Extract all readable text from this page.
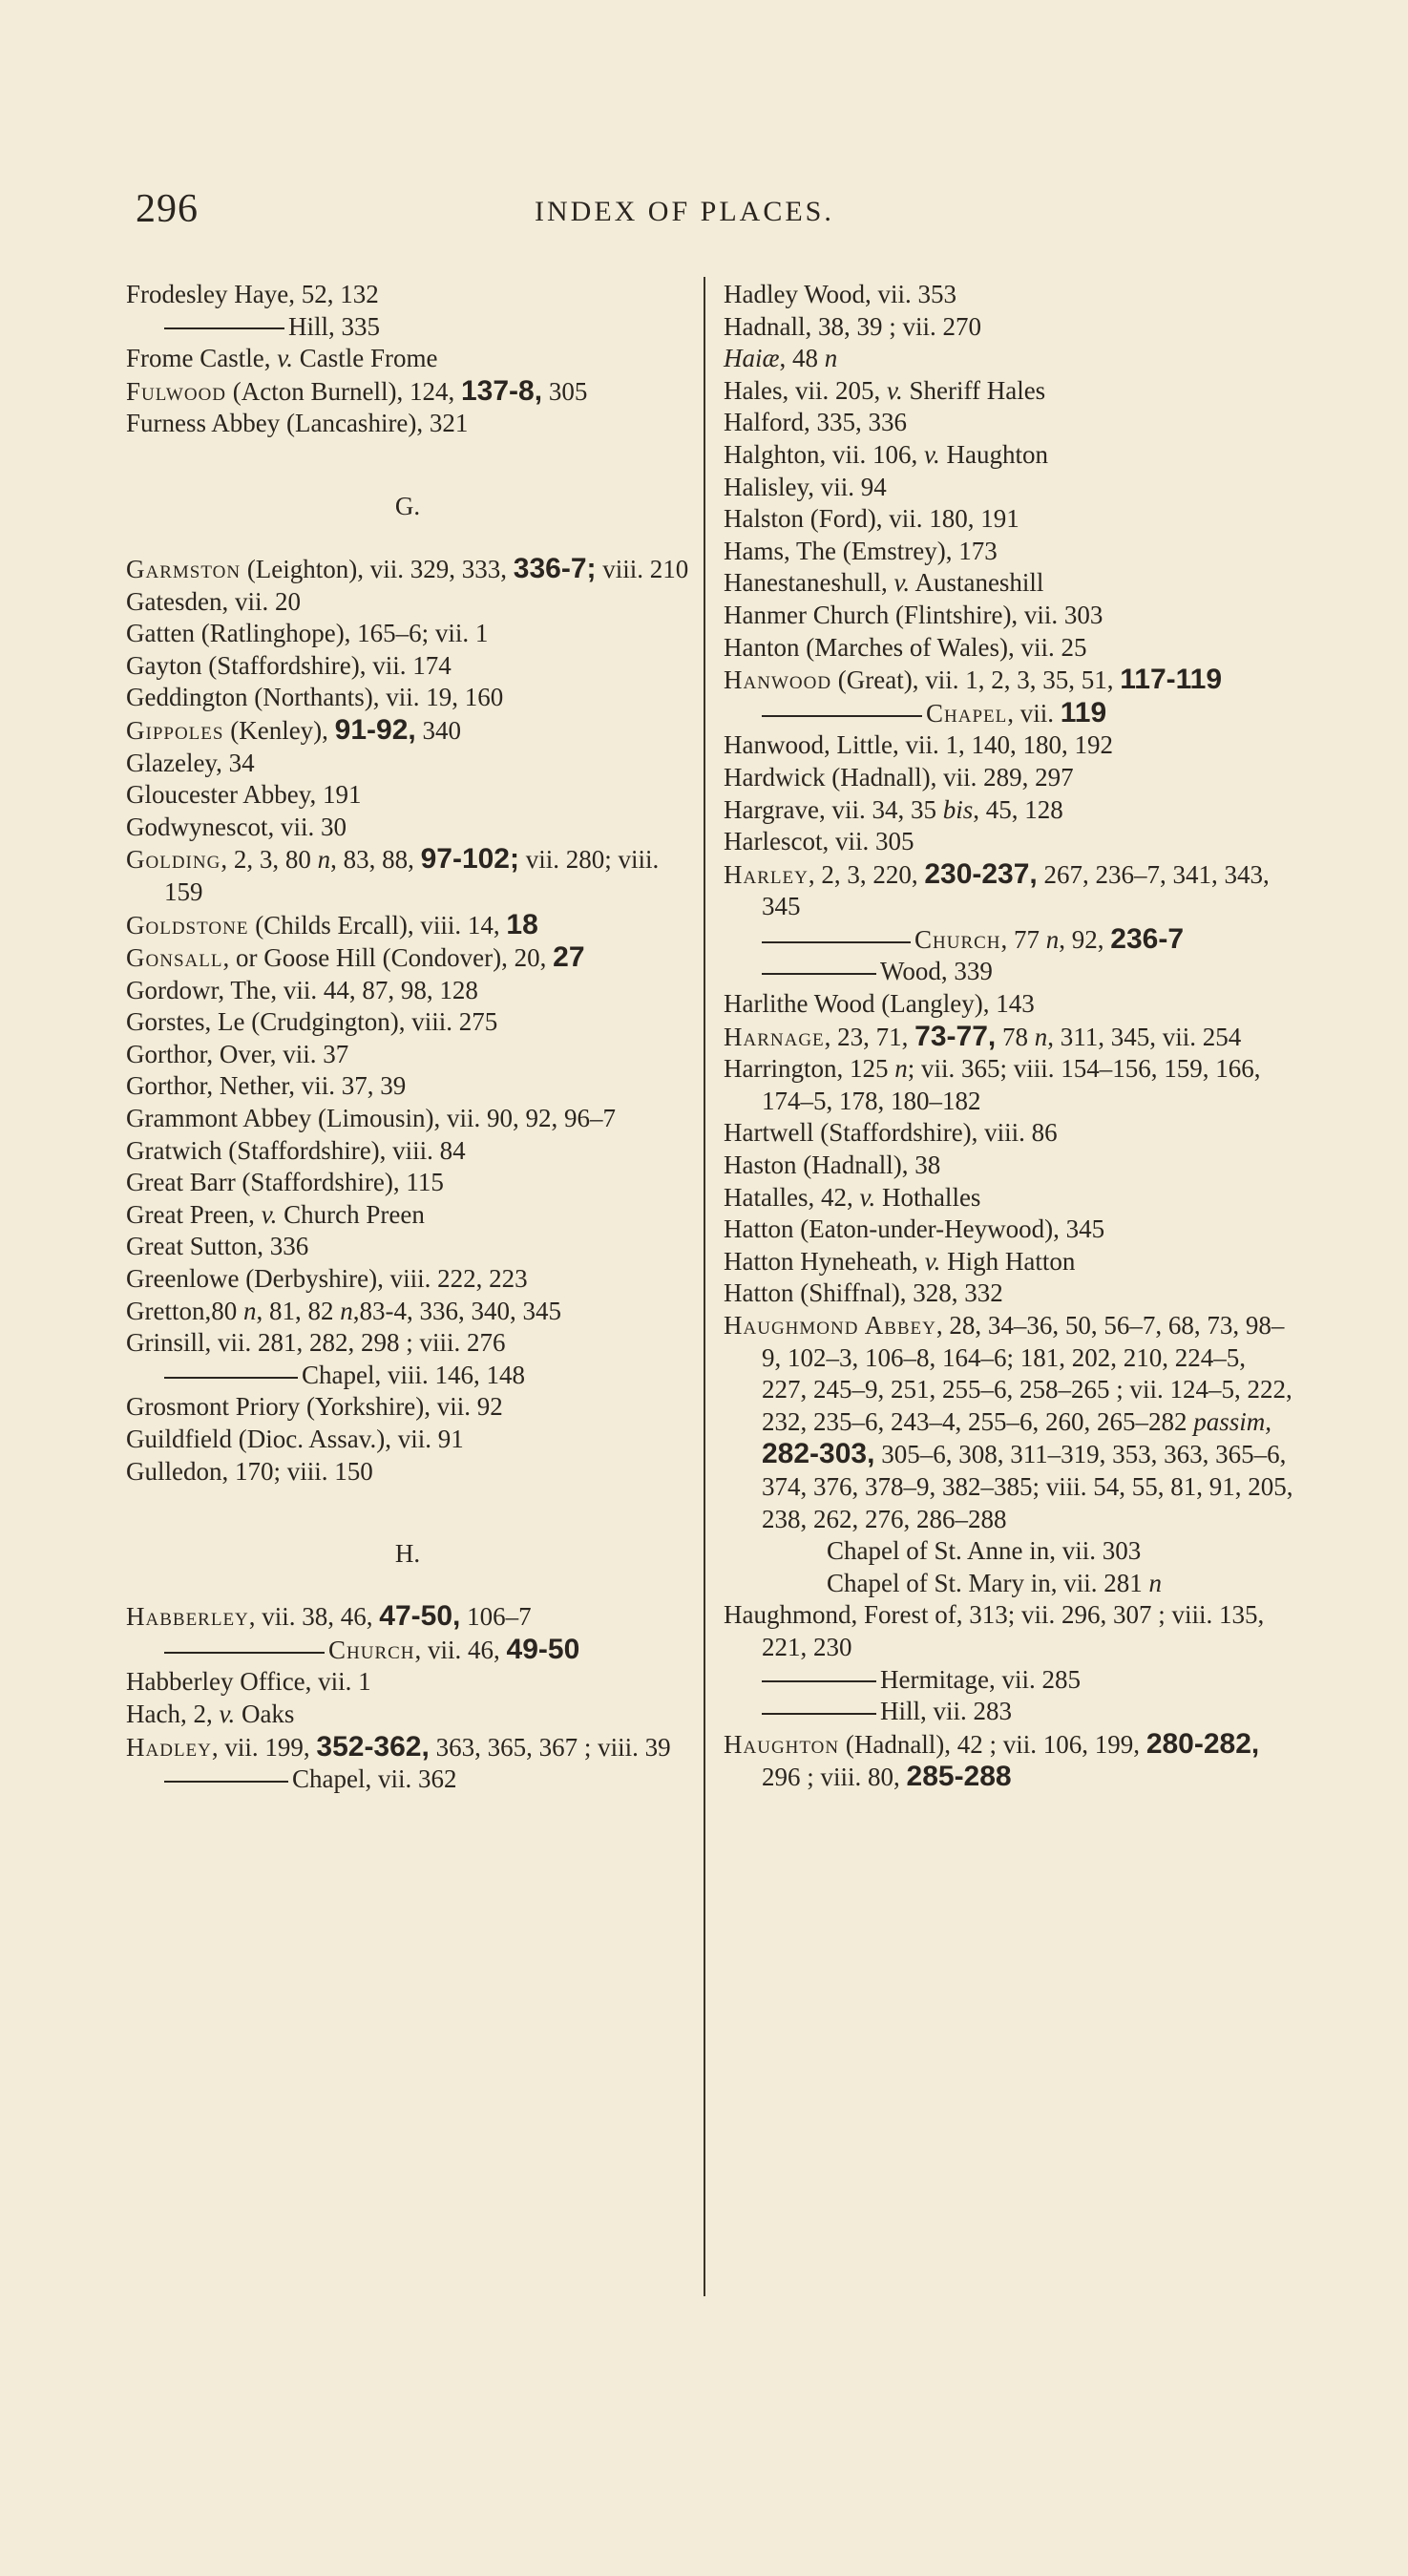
296	INDEX OF PLACES.
Frodesley Haye, 52, 132
Hill, 335
Frome Castle, v. Castle Frome
Fulwood (Acton Burnell), 124, 137-8, 305
Furness Abbey (Lancashire), 321
G.
Garmston (Leighton), vii. 329, 333, 336-7; viii. 210
Gatesden, vii. 20
Gatten (Ratlinghope), 165–6; vii. 1
Gayton (Staffordshire), vii. 174
Geddington (Northants), vii. 19, 160
Gippoles (Kenley), 91-92, 340
Glazeley, 34
Gloucester Abbey, 191
Godwynescot, vii. 30
Golding, 2, 3, 80 n, 83, 88, 97-102; vii. 280; viii. 159
Goldstone (Childs Ercall), viii. 14, 18
Gonsall, or Goose Hill (Condover), 20, 27
Gordowr, The, vii. 44, 87, 98, 128
Gorstes, Le (Crudgington), viii. 275
Gorthor, Over, vii. 37
Gorthor, Nether, vii. 37, 39
Grammont Abbey (Limousin), vii. 90, 92, 96–7
Gratwich (Staffordshire), viii. 84
Great Barr (Staffordshire), 115
Great Preen, v. Church Preen
Great Sutton, 336
Greenlowe (Derbyshire), viii. 222, 223
Gretton,80 n, 81, 82 n,83-4, 336, 340, 345
Grinsill, vii. 281, 282, 298 ; viii. 276
Chapel, viii. 146, 148
Grosmont Priory (Yorkshire), vii. 92
Guildfield (Dioc. Assav.), vii. 91
Gulledon, 170; viii. 150
H.
Habberley, vii. 38, 46, 47-50, 106–7
Church, vii. 46, 49-50
Habberley Office, vii. 1
Hach, 2, v. Oaks
Hadley, vii. 199, 352-362, 363, 365, 367 ; viii. 39
Chapel, vii. 362
Hadley Wood, vii. 353
Hadnall, 38, 39 ; vii. 270
Haiæ, 48 n
Hales, vii. 205, v. Sheriff Hales
Halford, 335, 336
Halghton, vii. 106, v. Haughton
Halisley, vii. 94
Halston (Ford), vii. 180, 191
Hams, The (Emstrey), 173
Hanestaneshull, v. Austaneshill
Hanmer Church (Flintshire), vii. 303
Hanton (Marches of Wales), vii. 25
Hanwood (Great), vii. 1, 2, 3, 35, 51, 117-119
Chapel, vii. 119
Hanwood, Little, vii. 1, 140, 180, 192
Hardwick (Hadnall), vii. 289, 297
Hargrave, vii. 34, 35 bis, 45, 128
Harlescot, vii. 305
Harley, 2, 3, 220, 230-237, 267, 236–7, 341, 343, 345
Church, 77 n, 92, 236-7
Wood, 339
Harlithe Wood (Langley), 143
Harnage, 23, 71, 73-77, 78 n, 311, 345, vii. 254
Harrington, 125 n; vii. 365; viii. 154–156, 159, 166, 174–5, 178, 180–182
Hartwell (Staffordshire), viii. 86
Haston (Hadnall), 38
Hatalles, 42, v. Hothalles
Hatton (Eaton-under-Heywood), 345
Hatton Hyneheath, v. High Hatton
Hatton (Shiffnal), 328, 332
Haughmond Abbey, 28, 34–36, 50, 56–7, 68, 73, 98–9, 102–3, 106–8, 164–6; 181, 202, 210, 224–5, 227, 245–9, 251, 255–6, 258–265 ; vii. 124–5, 222, 232, 235–6, 243–4, 255–6, 260, 265–282 passim, 282-303, 305–6, 308, 311–319, 353, 363, 365–6, 374, 376, 378–9, 382–385; viii. 54, 55, 81, 91, 205, 238, 262, 276, 286–288
Chapel of St. Anne in, vii. 303
Chapel of St. Mary in, vii. 281 n
Haughmond, Forest of, 313; vii. 296, 307 ; viii. 135, 221, 230
Hermitage, vii. 285
Hill, vii. 283
Haughton (Hadnall), 42 ; vii. 106, 199, 280-282, 296 ; viii. 80, 285-288
